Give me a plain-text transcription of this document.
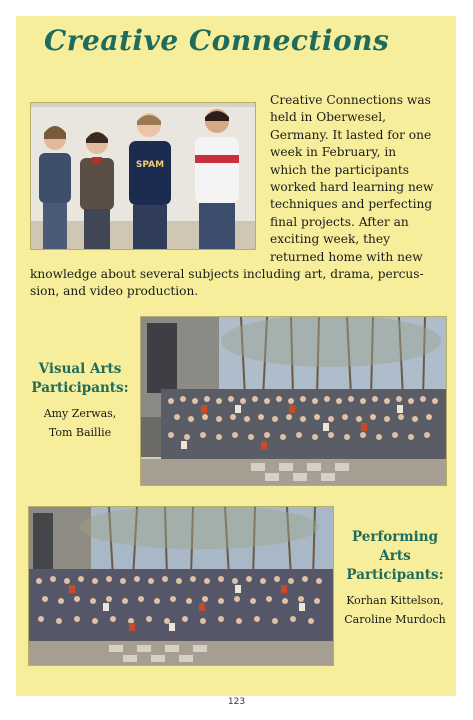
Creative Connections
SPAM

Creative Connections was
held in Oberwesel,
Germany. It lasted for one
week in February, in
which the participants
worked hard learning new
techniques and perfecting
final projects. After an
exciting week, they
returned home with new

knowledge about several subjects including art, drama, percus-
sion, and video production.

Visual Arts
Participants:
Amy Zerwas,
Tom Baillie
Performing
Arts Participants:
Korhan Kittelson,
Caroline Murdoch
123
